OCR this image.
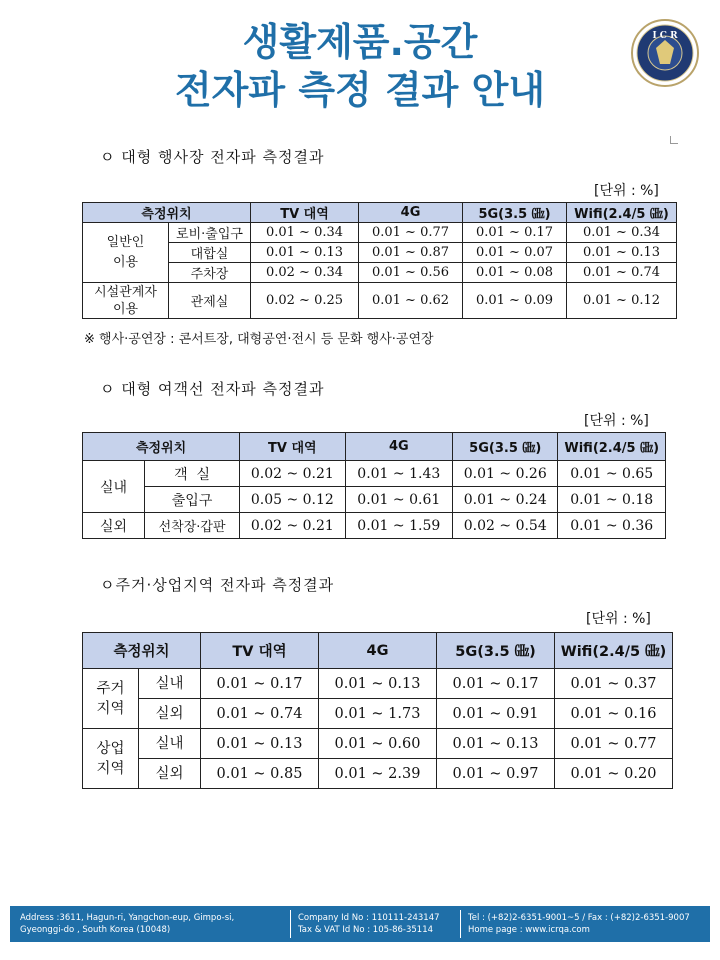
생활제품.공간
전자파 측정 결과 안내
I C R
ㅇ 대형 행사장 전자파 측정결과
[단위 : %]
측정위치		TV 대역	4G	5G(3.5 ㎓)	Wifi(2.4/5 ㎓)
일반인
이용	로비·출입구	0.01 ~ 0.34	0.01 ~ 0.77	0.01 ~ 0.17	0.01 ~ 0.34
	대합실	0.01 ~ 0.13	0.01 ~ 0.87	0.01 ~ 0.07	0.01 ~ 0.13
	주차장	0.02 ~ 0.34	0.01 ~ 0.56	0.01 ~ 0.08	0.01 ~ 0.74
시설관계자
이용	관제실	0.02 ~ 0.25	0.01 ~ 0.62	0.01 ~ 0.09	0.01 ~ 0.12
※ 행사·공연장 : 콘서트장, 대형공연·전시 등 문화 행사·공연장
ㅇ 대형 여객선 전자파 측정결과
[단위 : %]
측정위치		TV 대역	4G	5G(3.5 ㎓)	Wifi(2.4/5 ㎓)
실내	객  실	0.02 ~ 0.21	0.01 ~ 1.43	0.01 ~ 0.26	0.01 ~ 0.65
	출입구	0.05 ~ 0.12	0.01 ~ 0.61	0.01 ~ 0.24	0.01 ~ 0.18
실외	선착장·갑판	0.02 ~ 0.21	0.01 ~ 1.59	0.02 ~ 0.54	0.01 ~ 0.36
ㅇ주거·상업지역 전자파 측정결과
[단위 : %]
측정위치		TV 대역	4G	5G(3.5 ㎓)	Wifi(2.4/5 ㎓)
주거
지역	실내	0.01 ~ 0.17	0.01 ~ 0.13	0.01 ~ 0.17	0.01 ~ 0.37
	실외	0.01 ~ 0.74	0.01 ~ 1.73	0.01 ~ 0.91	0.01 ~ 0.16
상업
지역	실내	0.01 ~ 0.13	0.01 ~ 0.60	0.01 ~ 0.13	0.01 ~ 0.77
	실외	0.01 ~ 0.85	0.01 ~ 2.39	0.01 ~ 0.97	0.01 ~ 0.20
Address :3611, Hagun-ri, Yangchon-eup, Gimpo-si,
Gyeonggi-do , South Korea (10048)
Company Id No : 110111-243147
Tax & VAT Id No : 105-86-35114
Tel : (+82)2-6351-9001~5 / Fax : (+82)2-6351-9007
Home page : www.icrqa.com
